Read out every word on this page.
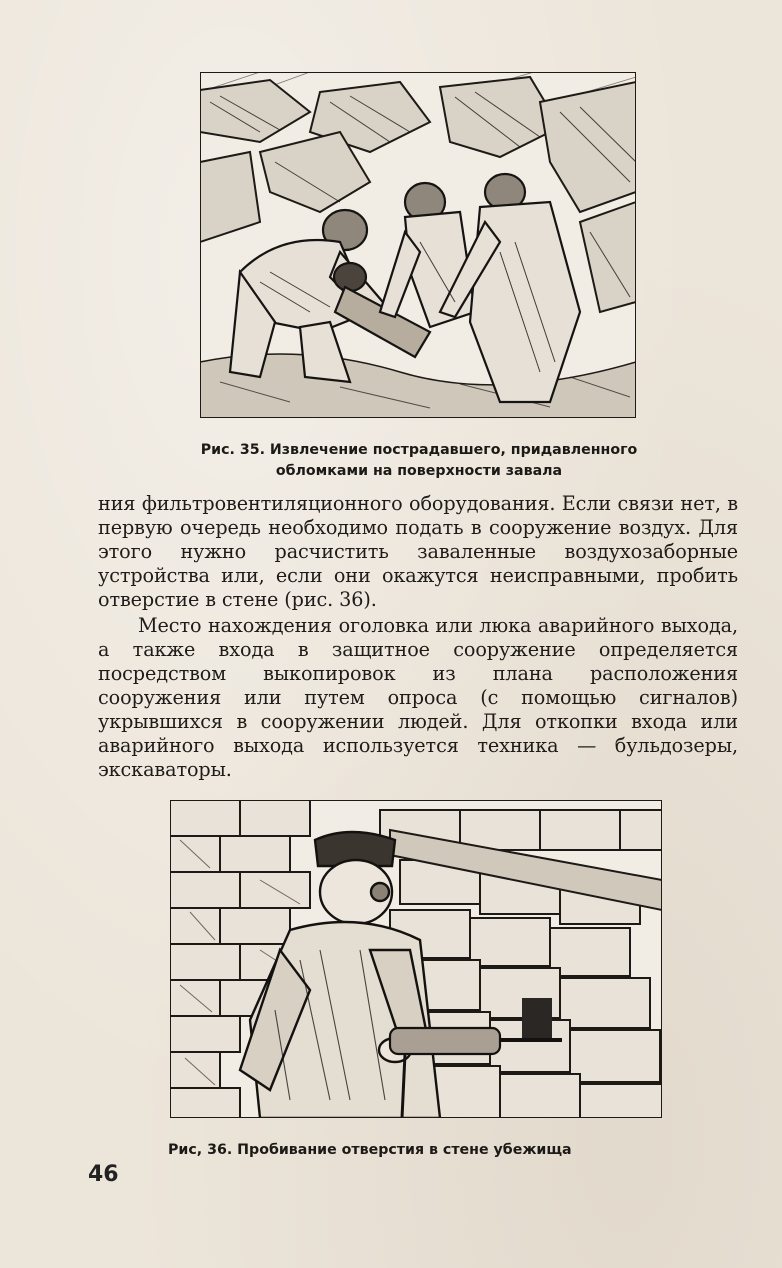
Рис. 35. Извлечение пострадавшего, придавленного обломками на поверхности завала

ния фильтровентиляционного оборудования. Если связи нет, в первую очередь необходимо подать в сооружение воздух. Для этого нужно расчистить заваленные воздухозаборные устройства или, если они окажутся неисправными, пробить отверстие в стене (рис. 36).

Место нахождения оголовка или люка аварийного выхода, а также входа в защитное сооружение определяется посредством выкопировок из плана расположения сооружения или путем опроса (с помощью сигналов) укрывшихся в сооружении людей. Для откопки входа или аварийного выхода используется техника — бульдозеры, экскаваторы.

Рис, 36. Пробивание отверстия в стене убежища
46
